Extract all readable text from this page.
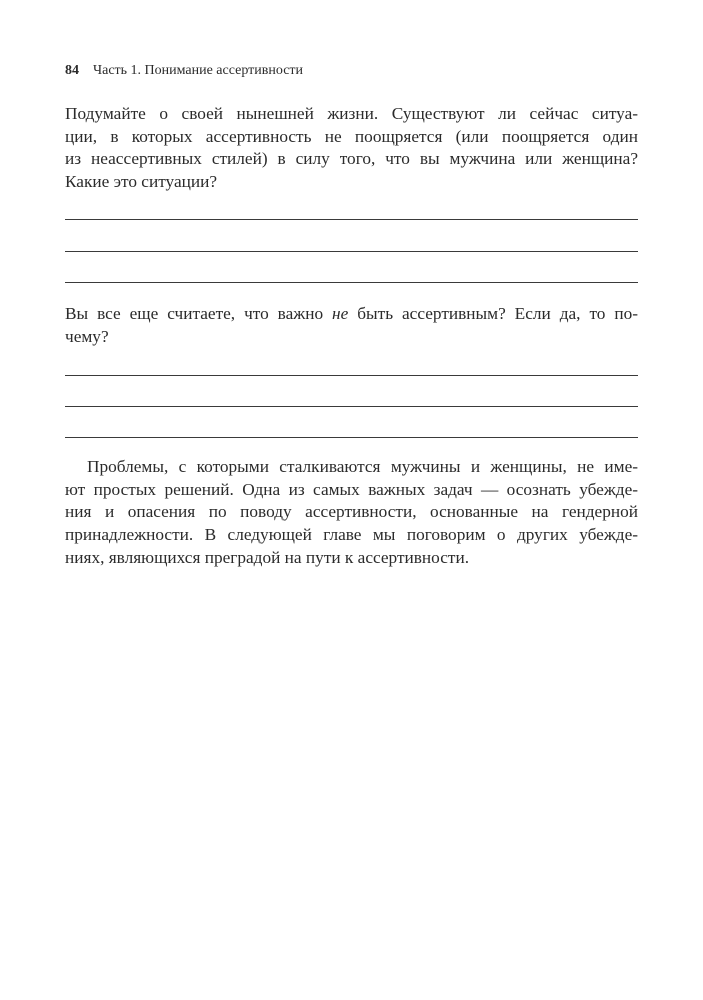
84 Часть 1. Понимание ассертивности

Подумайте о своей нынешней жизни. Существуют ли сейчас ситуа-
ции, в которых ассертивность не поощряется (или поощряется один
из неассертивных стилей) в силу того, что вы мужчина или женщина?
Какие это ситуации?

Вы все еще считаете, что важно не быть ассертивным? Если да, то по-
чему?

Проблемы, с которыми сталкиваются мужчины и женщины, не име-
ют простых решений. Одна из самых важных задач — осознать убежде-
ния и опасения по поводу ассертивности, основанные на гендерной
принадлежности. В следующей главе мы поговорим о других убежде-
ниях, являющихся преградой на пути к ассертивности.
